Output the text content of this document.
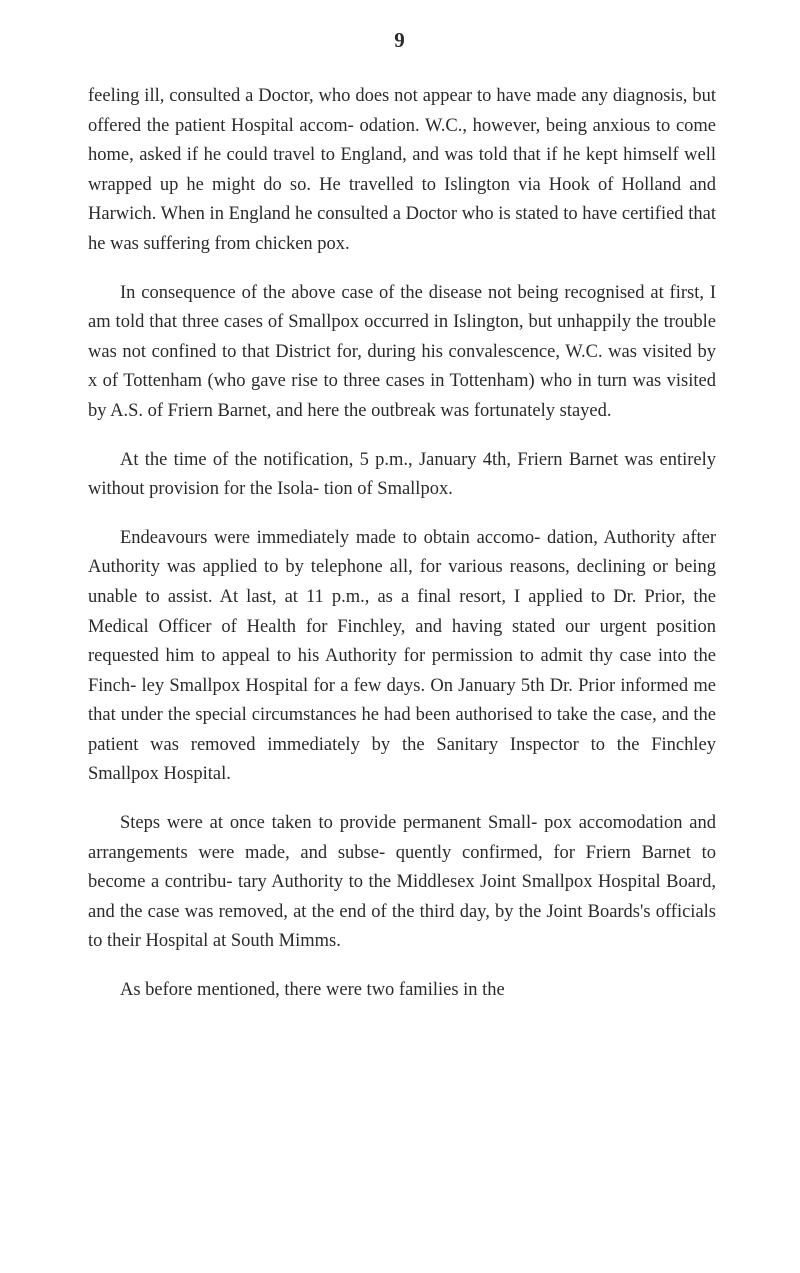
9

feeling ill, consulted a Doctor, who does not appear to have made any diagnosis, but offered the patient Hospital accom- odation. W.C., however, being anxious to come home, asked if he could travel to England, and was told that if he kept himself well wrapped up he might do so. He travelled to Islington via Hook of Holland and Harwich. When in England he consulted a Doctor who is stated to have certified that he was suffering from chicken pox.

In consequence of the above case of the disease not being recognised at first, I am told that three cases of Smallpox occurred in Islington, but unhappily the trouble was not confined to that District for, during his convalescence, W.C. was visited by x of Tottenham (who gave rise to three cases in Tottenham) who in turn was visited by A.S. of Friern Barnet, and here the outbreak was fortunately stayed.

At the time of the notification, 5 p.m., January 4th, Friern Barnet was entirely without provision for the Isola- tion of Smallpox.

Endeavours were immediately made to obtain accomo- dation, Authority after Authority was applied to by telephone all, for various reasons, declining or being unable to assist. At last, at 11 p.m., as a final resort, I applied to Dr. Prior, the Medical Officer of Health for Finchley, and having stated our urgent position requested him to appeal to his Authority for permission to admit thy case into the Finch- ley Smallpox Hospital for a few days. On January 5th Dr. Prior informed me that under the special circumstances he had been authorised to take the case, and the patient was removed immediately by the Sanitary Inspector to the Finchley Smallpox Hospital.

Steps were at once taken to provide permanent Small- pox accomodation and arrangements were made, and subse- quently confirmed, for Friern Barnet to become a contribu- tary Authority to the Middlesex Joint Smallpox Hospital Board, and the case was removed, at the end of the third day, by the Joint Boards's officials to their Hospital at South Mimms.

As before mentioned, there were two families in the
